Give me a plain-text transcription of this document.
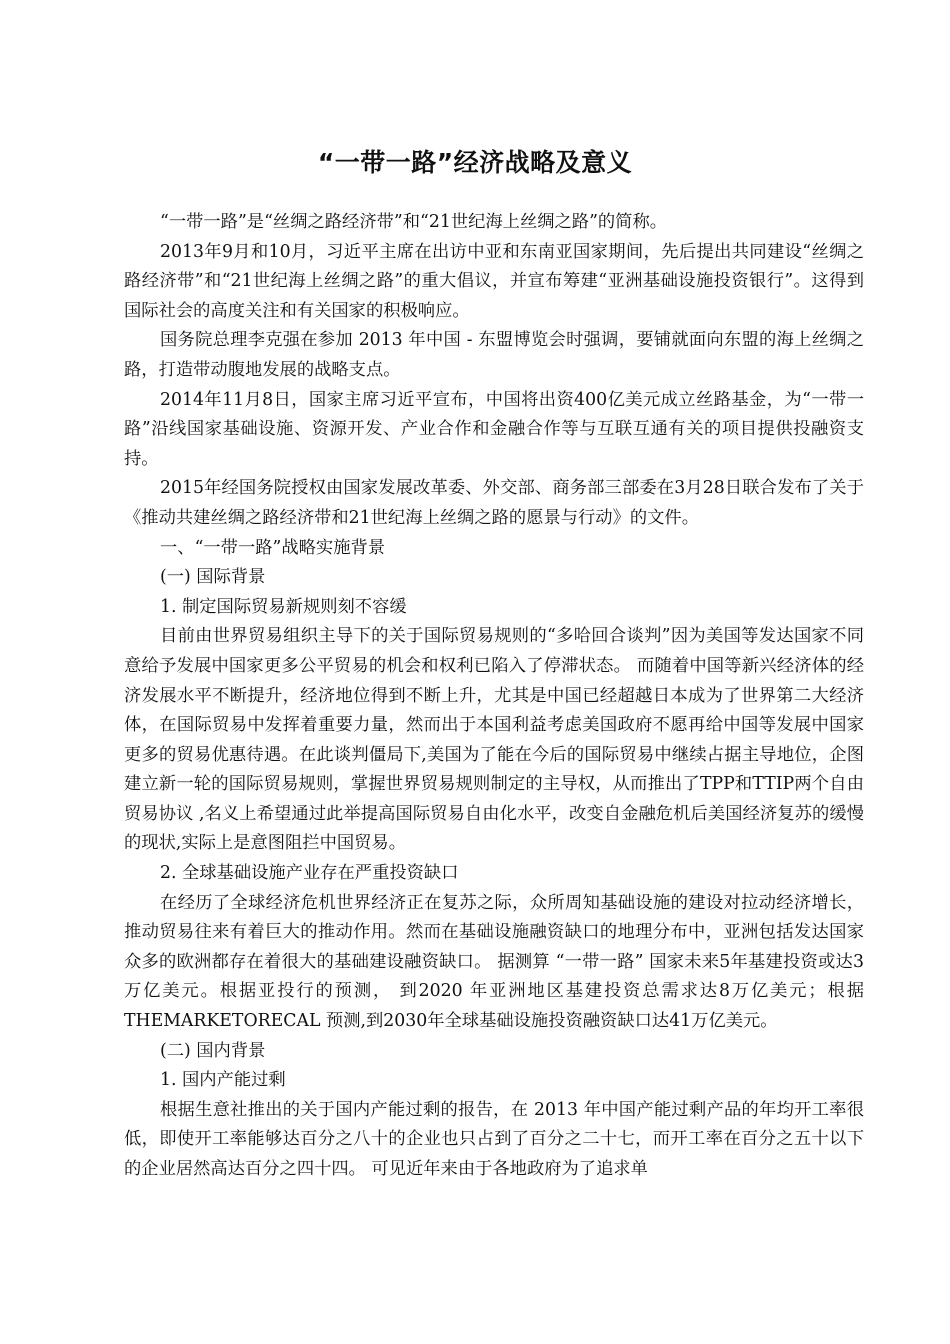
“一带一路”经济战略及意义

“一带一路”是“丝绸之路经济带”和“21世纪海上丝绸之路”的简称。

2013年9月和10月，习近平主席在出访中亚和东南亚国家期间，先后提出共同建设“丝绸之路经济带”和“21世纪海上丝绸之路”的重大倡议，并宣布筹建“亚洲基础设施投资银行”。这得到国际社会的高度关注和有关国家的积极响应。

国务院总理李克强在参加 2013 年中国 - 东盟博览会时强调，要铺就面向东盟的海上丝绸之路，打造带动腹地发展的战略支点。

2014年11月8日，国家主席习近平宣布，中国将出资400亿美元成立丝路基金，为“一带一路”沿线国家基础设施、资源开发、产业合作和金融合作等与互联互通有关的项目提供投融资支持。

2015年经国务院授权由国家发展改革委、外交部、商务部三部委在3月28日联合发布了关于《推动共建丝绸之路经济带和21世纪海上丝绸之路的愿景与行动》的文件。

一、“一带一路”战略实施背景

(一) 国际背景

1. 制定国际贸易新规则刻不容缓

目前由世界贸易组织主导下的关于国际贸易规则的“多哈回合谈判”因为美国等发达国家不同意给予发展中国家更多公平贸易的机会和权利已陷入了停滞状态。 而随着中国等新兴经济体的经济发展水平不断提升，经济地位得到不断上升，尤其是中国已经超越日本成为了世界第二大经济体，在国际贸易中发挥着重要力量，然而出于本国利益考虑美国政府不愿再给中国等发展中国家更多的贸易优惠待遇。在此谈判僵局下,美国为了能在今后的国际贸易中继续占据主导地位，企图建立新一轮的国际贸易规则，掌握世界贸易规则制定的主导权，从而推出了TPP和TTIP两个自由贸易协议 ,名义上希望通过此举提高国际贸易自由化水平，改变自金融危机后美国经济复苏的缓慢的现状,实际上是意图阻拦中国贸易。

2. 全球基础设施产业存在严重投资缺口

在经历了全球经济危机世界经济正在复苏之际，众所周知基础设施的建设对拉动经济增长，推动贸易往来有着巨大的推动作用。然而在基础设施融资缺口的地理分布中，亚洲包括发达国家众多的欧洲都存在着很大的基础建设融资缺口。 据测算 “一带一路” 国家未来5年基建投资或达3万亿美元。根据亚投行的预测， 到2020 年亚洲地区基建投资总需求达8万亿美元；根据 THEMARKETORECAL 预测,到2030年全球基础设施投资融资缺口达41万亿美元。

(二) 国内背景

1. 国内产能过剩

根据生意社推出的关于国内产能过剩的报告，在 2013 年中国产能过剩产品的年均开工率很低，即使开工率能够达百分之八十的企业也只占到了百分之二十七，而开工率在百分之五十以下的企业居然高达百分之四十四。 可见近年来由于各地政府为了追求单
